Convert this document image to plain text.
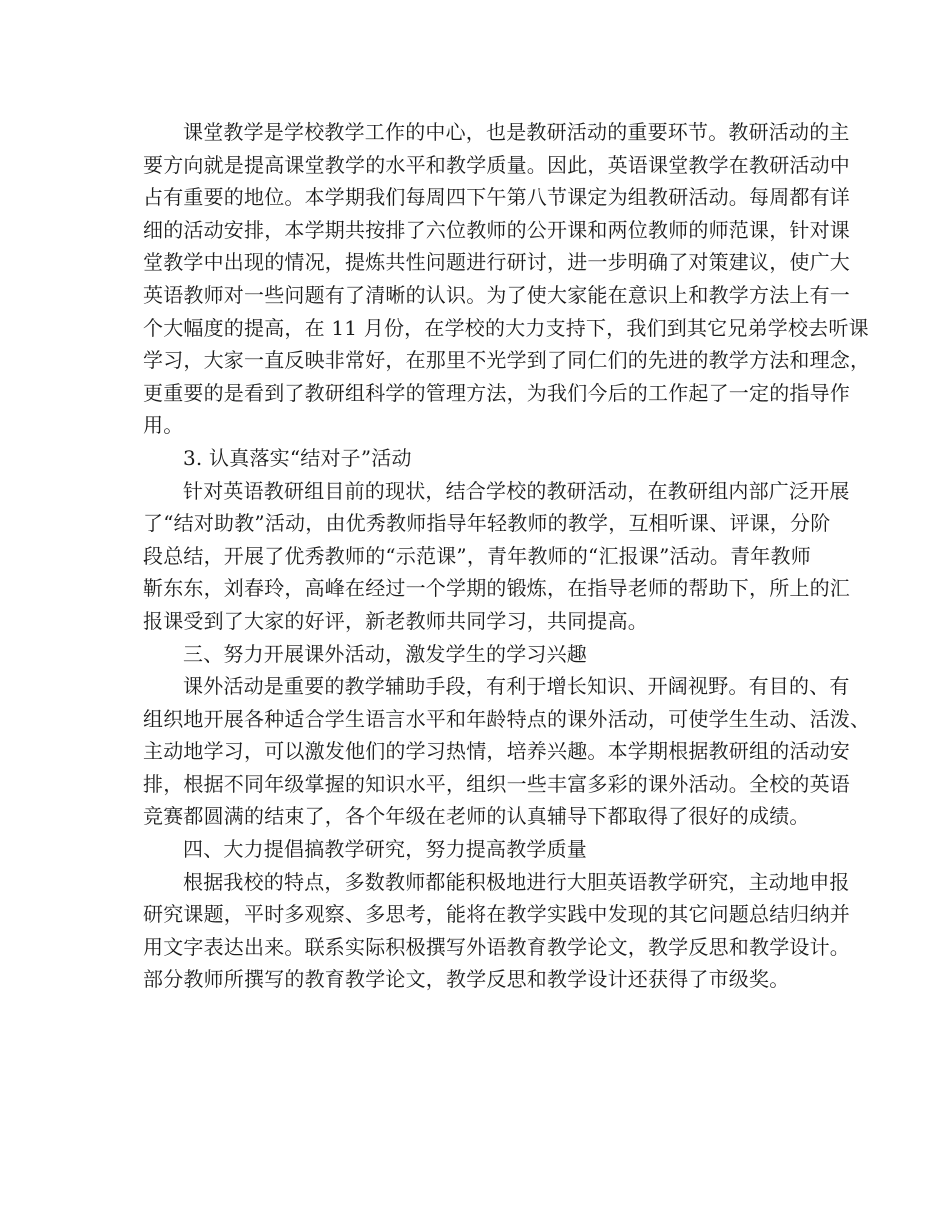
课堂教学是学校教学工作的中心，也是教研活动的重要环节。教研活动的主
要方向就是提高课堂教学的水平和教学质量。因此，英语课堂教学在教研活动中
占有重要的地位。本学期我们每周四下午第八节课定为组教研活动。每周都有详
细的活动安排，本学期共按排了六位教师的公开课和两位教师的师范课，针对课
堂教学中出现的情况，提炼共性问题进行研讨，进一步明确了对策建议，使广大
英语教师对一些问题有了清晰的认识。为了使大家能在意识上和教学方法上有一
个大幅度的提高，在 11 月份，在学校的大力支持下，我们到其它兄弟学校去听课
学习，大家一直反映非常好，在那里不光学到了同仁们的先进的教学方法和理念，
更重要的是看到了教研组科学的管理方法，为我们今后的工作起了一定的指导作
用。
3. 认真落实“结对子”活动
针对英语教研组目前的现状，结合学校的教研活动，在教研组内部广泛开展
了“结对助教”活动，由优秀教师指导年轻教师的教学，互相听课、评课，分阶
段总结，开展了优秀教师的“示范课”，青年教师的“汇报课”活动。青年教师
靳东东，刘春玲，高峰在经过一个学期的锻炼，在指导老师的帮助下，所上的汇
报课受到了大家的好评，新老教师共同学习，共同提高。
三、努力开展课外活动，激发学生的学习兴趣
课外活动是重要的教学辅助手段，有利于增长知识、开阔视野。有目的、有
组织地开展各种适合学生语言水平和年龄特点的课外活动，可使学生生动、活泼、
主动地学习，可以激发他们的学习热情，培养兴趣。本学期根据教研组的活动安
排，根据不同年级掌握的知识水平，组织一些丰富多彩的课外活动。全校的英语
竞赛都圆满的结束了，各个年级在老师的认真辅导下都取得了很好的成绩。
四、大力提倡搞教学研究，努力提高教学质量
根据我校的特点，多数教师都能积极地进行大胆英语教学研究，主动地申报
研究课题，平时多观察、多思考，能将在教学实践中发现的其它问题总结归纳并
用文字表达出来。联系实际积极撰写外语教育教学论文，教学反思和教学设计。
部分教师所撰写的教育教学论文，教学反思和教学设计还获得了市级奖。
